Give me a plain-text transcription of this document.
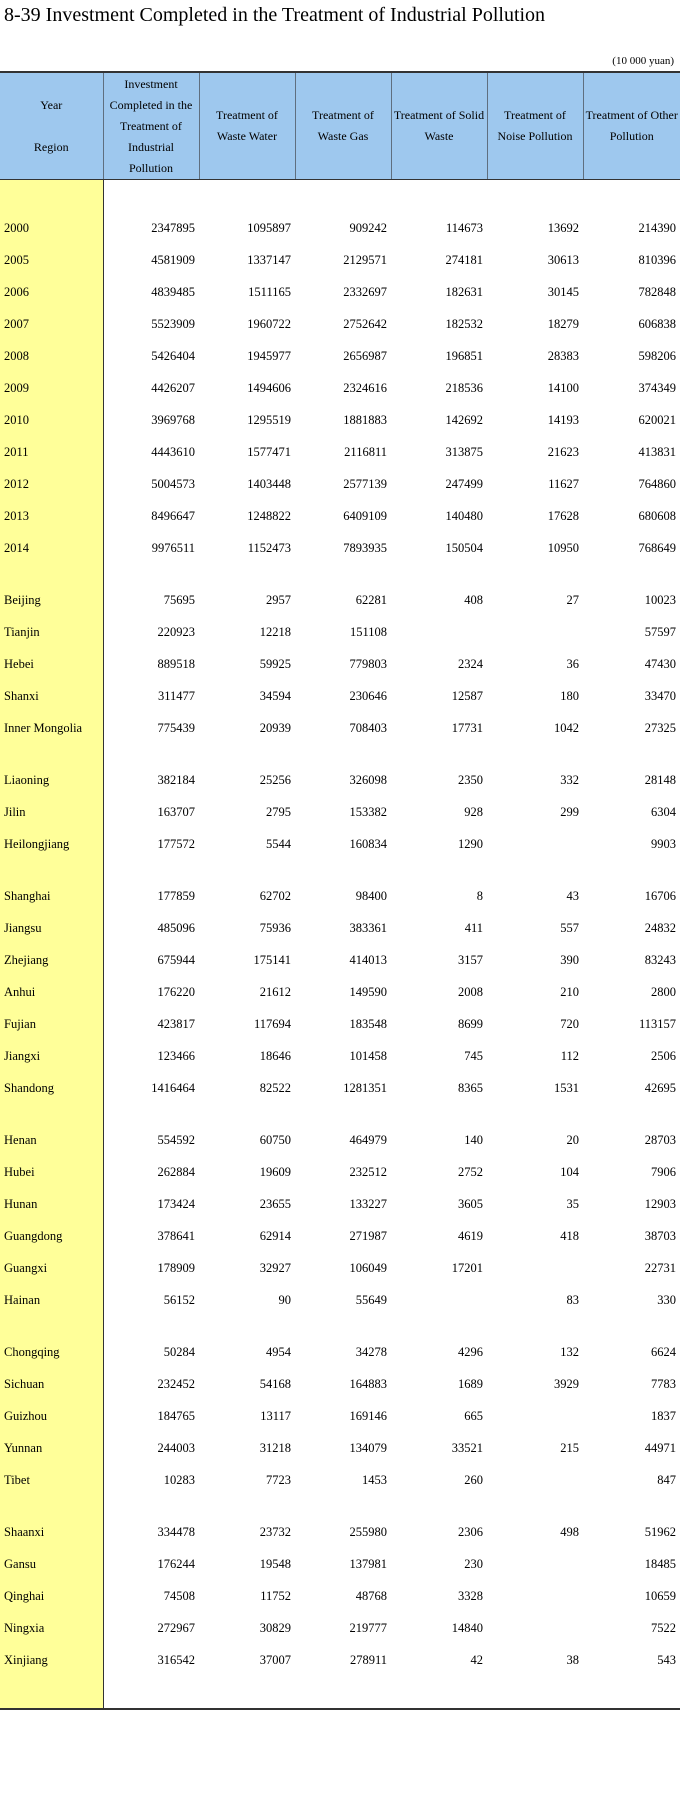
8-39 Investment Completed in the Treatment of Industrial Pollution
(10 000 yuan)
Year
Region	Investment Completed in the Treatment of Industrial Pollution	Treatment of Waste Water	Treatment of Waste Gas	Treatment of Solid Waste	Treatment of Noise Pollution	Treatment of Other Pollution

2000	2347895	1095897	909242	114673	13692	214390
2005	4581909	1337147	2129571	274181	30613	810396
2006	4839485	1511165	2332697	182631	30145	782848
2007	5523909	1960722	2752642	182532	18279	606838
2008	5426404	1945977	2656987	196851	28383	598206
2009	4426207	1494606	2324616	218536	14100	374349
2010	3969768	1295519	1881883	142692	14193	620021
2011	4443610	1577471	2116811	313875	21623	413831
2012	5004573	1403448	2577139	247499	11627	764860
2013	8496647	1248822	6409109	140480	17628	680608
2014	9976511	1152473	7893935	150504	10950	768649

Beijing	75695	2957	62281	408	27	10023
Tianjin	220923	12218	151108			57597
Hebei	889518	59925	779803	2324	36	47430
Shanxi	311477	34594	230646	12587	180	33470
Inner Mongolia	775439	20939	708403	17731	1042	27325

Liaoning	382184	25256	326098	2350	332	28148
Jilin	163707	2795	153382	928	299	6304
Heilongjiang	177572	5544	160834	1290		9903

Shanghai	177859	62702	98400	8	43	16706
Jiangsu	485096	75936	383361	411	557	24832
Zhejiang	675944	175141	414013	3157	390	83243
Anhui	176220	21612	149590	2008	210	2800
Fujian	423817	117694	183548	8699	720	113157
Jiangxi	123466	18646	101458	745	112	2506
Shandong	1416464	82522	1281351	8365	1531	42695

Henan	554592	60750	464979	140	20	28703
Hubei	262884	19609	232512	2752	104	7906
Hunan	173424	23655	133227	3605	35	12903
Guangdong	378641	62914	271987	4619	418	38703
Guangxi	178909	32927	106049	17201		22731
Hainan	56152	90	55649		83	330

Chongqing	50284	4954	34278	4296	132	6624
Sichuan	232452	54168	164883	1689	3929	7783
Guizhou	184765	13117	169146	665		1837
Yunnan	244003	31218	134079	33521	215	44971
Tibet	10283	7723	1453	260		847

Shaanxi	334478	23732	255980	2306	498	51962
Gansu	176244	19548	137981	230		18485
Qinghai	74508	11752	48768	3328		10659
Ningxia	272967	30829	219777	14840		7522
Xinjiang	316542	37007	278911	42	38	543
